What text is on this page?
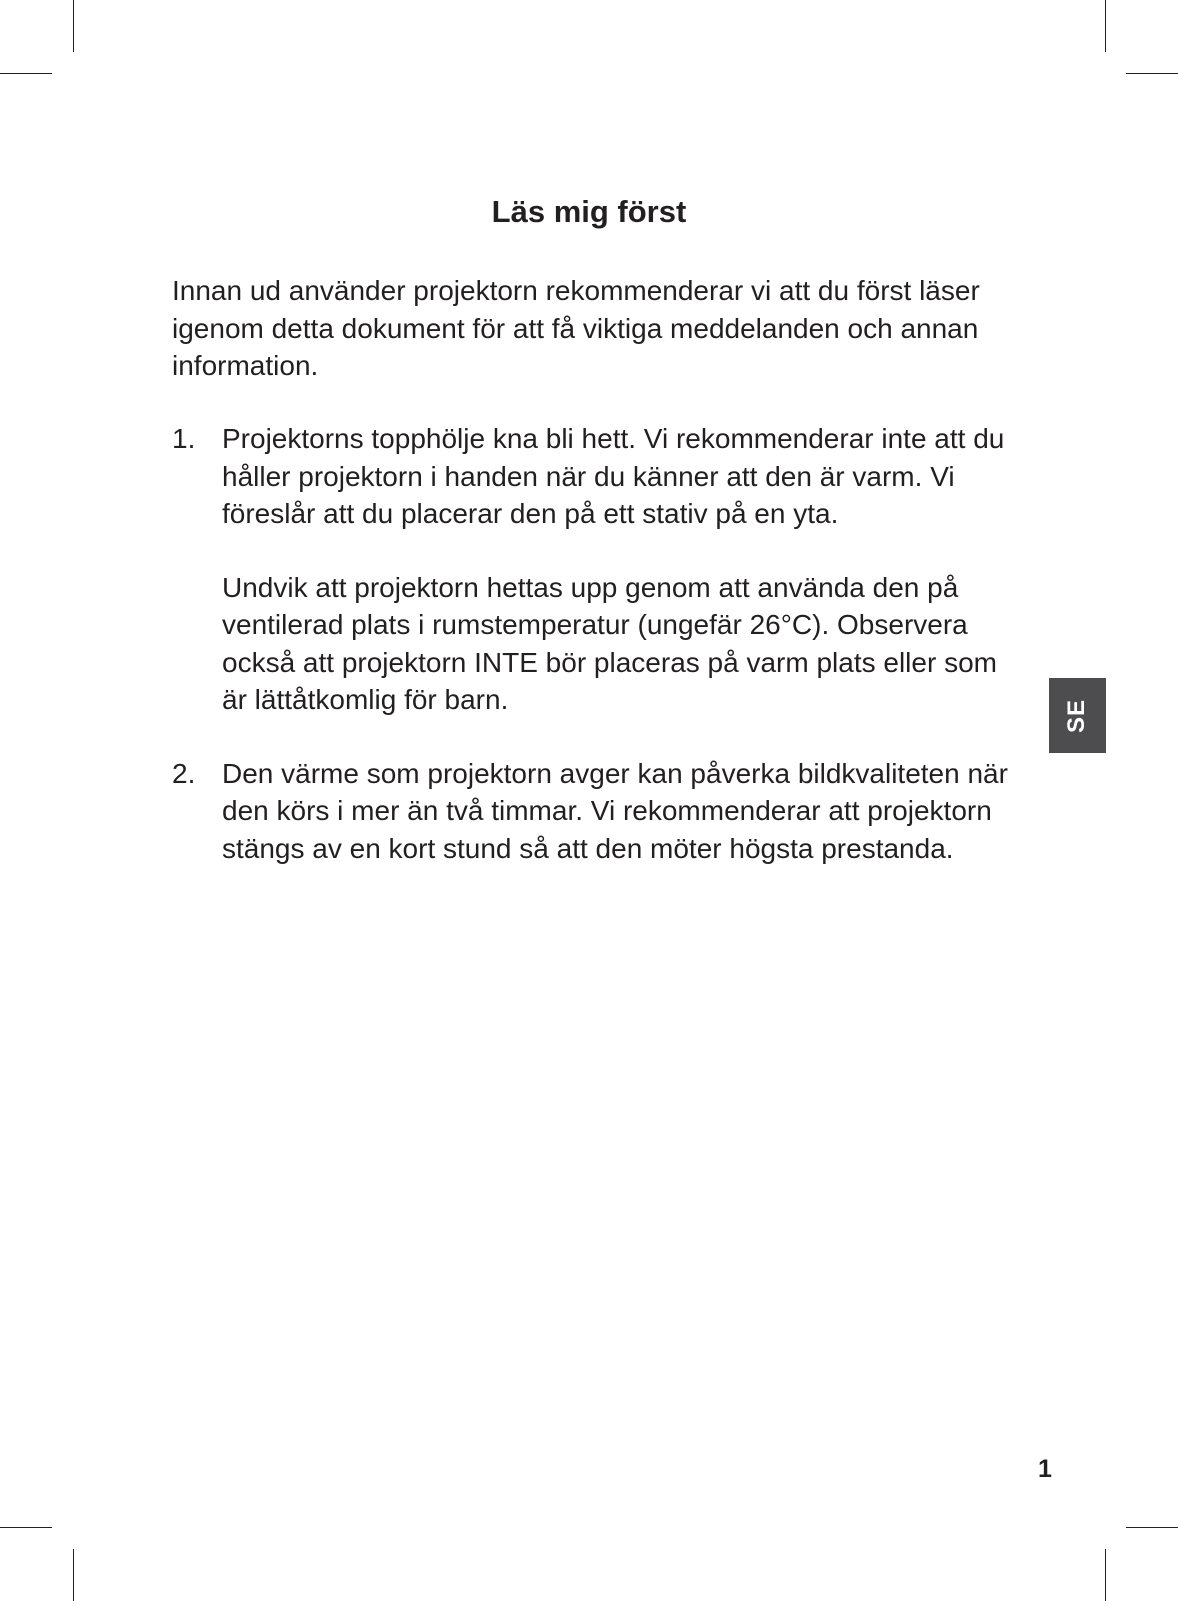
Läs mig först

Innan ud använder projektorn rekommenderar vi att du först läser igenom detta dokument för att få viktiga meddelanden och annan information.

1. Projektorns topphölje kna bli hett. Vi rekommenderar inte att du håller projektorn i handen när du känner att den är varm. Vi föreslår att du placerar den på ett stativ på en yta.

Undvik att projektorn hettas upp genom att använda den på ventilerad plats i rumstemperatur (ungefär 26°C). Observera också att projektorn INTE bör placeras på varm plats eller som är lättåtkomlig för barn.

2. Den värme som projektorn avger kan påverka bildkvaliteten när den körs i mer än två timmar. Vi rekommenderar att projektorn stängs av en kort stund så att den möter högsta prestanda.

SE
1
